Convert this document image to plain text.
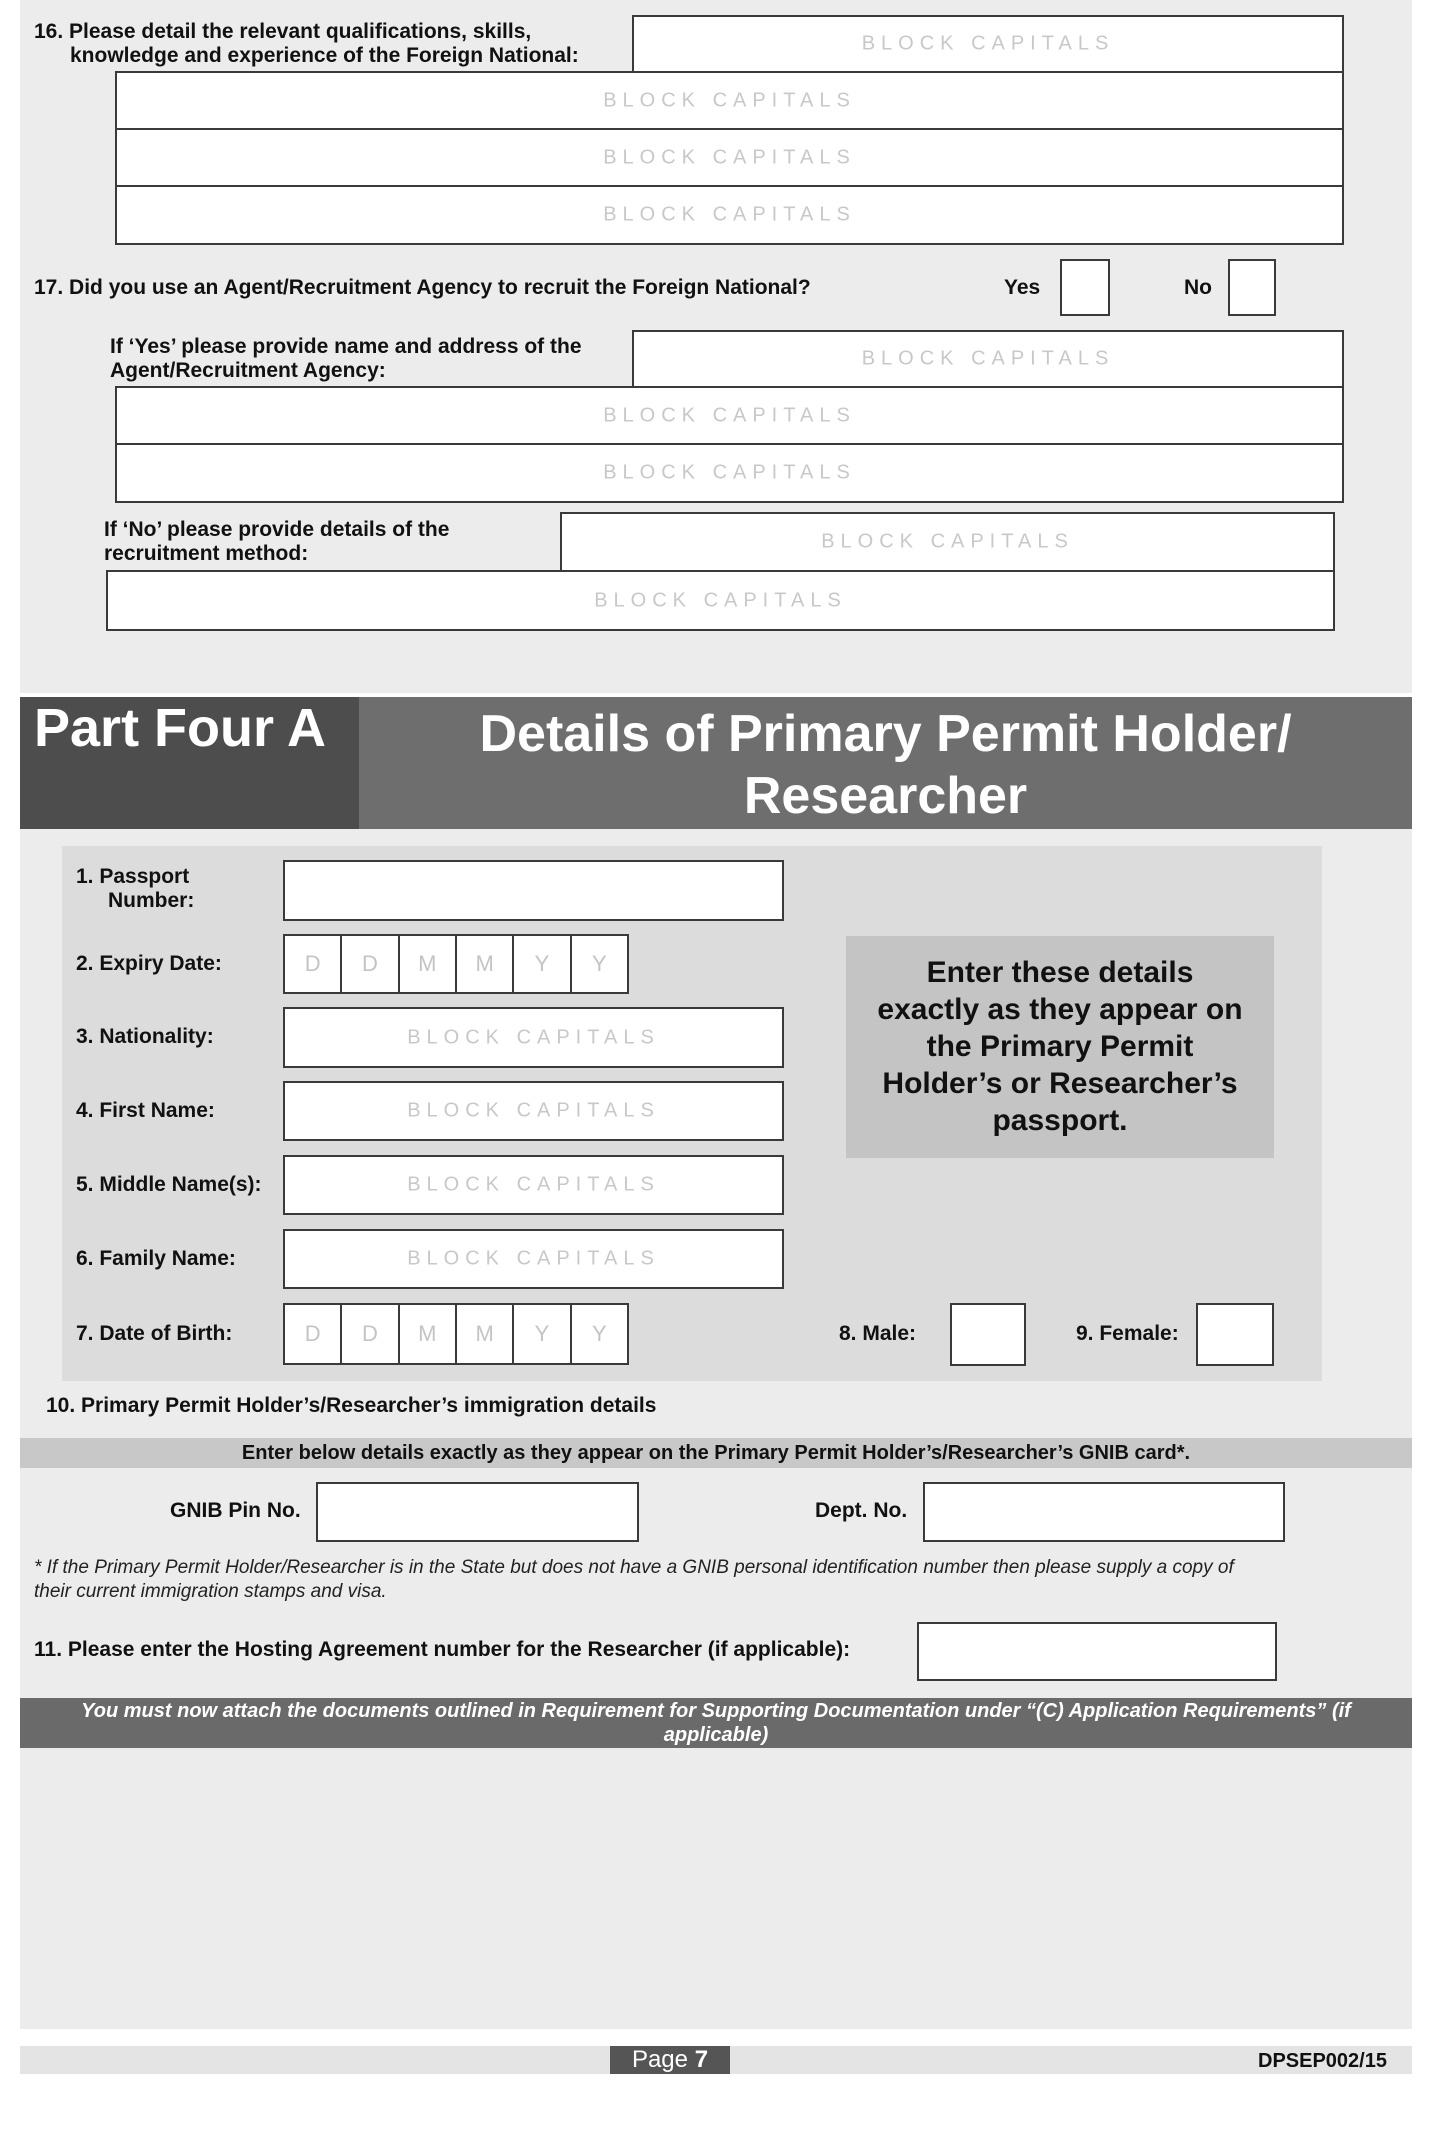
16. Please detail the relevant qualifications, skills,
knowledge and experience of the Foreign National:
BLOCK CAPITALS
BLOCK CAPITALS
BLOCK CAPITALS
BLOCK CAPITALS
17. Did you use an Agent/Recruitment Agency to recruit the Foreign National?	Yes	No
If ‘Yes’ please provide name and address of the
Agent/Recruitment Agency:
BLOCK CAPITALS
BLOCK CAPITALS
BLOCK CAPITALS
If ‘No’ please provide details of the
recruitment method:
BLOCK CAPITALS
BLOCK CAPITALS
Part Four A	Details of Primary Permit Holder/
Researcher
1. Passport
Number:
2. Expiry Date:	D	D	M	M	Y	Y
3. Nationality:	BLOCK CAPITALS
4. First Name:	BLOCK CAPITALS
5. Middle Name(s):	BLOCK CAPITALS
6. Family Name:	BLOCK CAPITALS
7. Date of Birth:	D	D	M	M	Y	Y	8. Male:	9. Female:
Enter these details
exactly as they appear on
the Primary Permit
Holder’s or Researcher’s
passport.
10. Primary Permit Holder’s/Researcher’s immigration details
Enter below details exactly as they appear on the Primary Permit Holder’s/Researcher’s GNIB card*.
GNIB Pin No.	Dept. No.
* If the Primary Permit Holder/Researcher is in the State but does not have a GNIB personal identification number then please supply a copy of
their current immigration stamps and visa.
11. Please enter the Hosting Agreement number for the Researcher (if applicable):
You must now attach the documents outlined in Requirement for Supporting Documentation under “(C) Application Requirements” (if
applicable)
Page 7	DPSEP002/15
